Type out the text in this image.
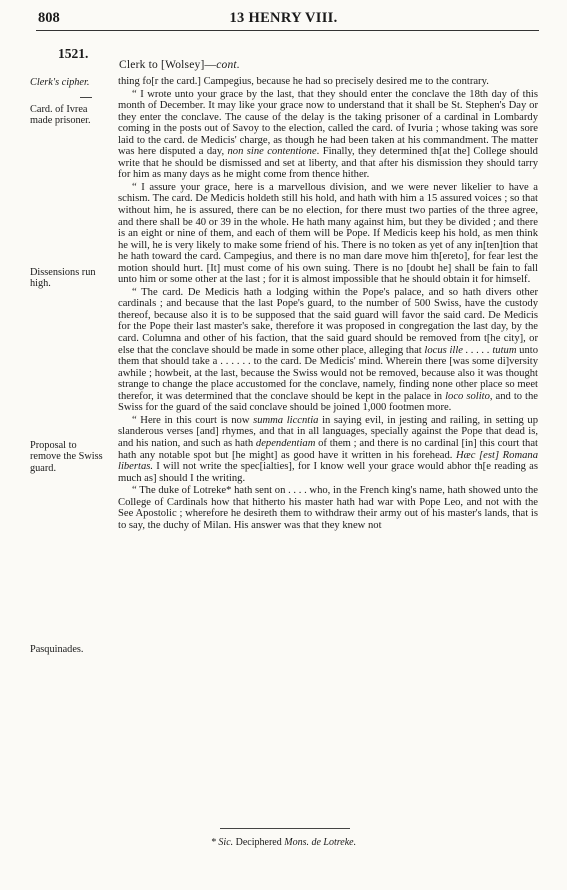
808	13 HENRY VIII.
1521.
Clerk to [Wolsey]—cont.
Clerk's cipher.
Card. of Ivrea made prisoner.
Dissensions run high.
Proposal to remove the Swiss guard.
Pasquinades.

thing fo[r the card.] Campegius, because he had so precisely desired me to the contrary.

“ I wrote unto your grace by the last, that they should enter the conclave the 18th day of this month of December. It may like your grace now to understand that it shall be St. Stephen's Day or they enter the conclave. The cause of the delay is the taking prisoner of a cardinal in Lombardy coming in the posts out of Savoy to the election, called the card. of Ivuria ; whose taking was sore laid to the card. de Medicis' charge, as though he had been taken at his commandment. The matter was here disputed a day, non sine contentione. Finally, they determined th[at the] College should write that he should be dismissed and set at liberty, and that after his dismission they should tarry for him as many days as he might come from thence hither.

“ I assure your grace, here is a marvellous division, and we were never likelier to have a schism. The card. De Medicis holdeth still his hold, and hath with him a 15 assured voices ; so that without him, he is assured, there can be no election, for there must two parties of the three agree, and there shall be 40 or 39 in the whole. He hath many against him, but they be divided ; and there is an eight or nine of them, and each of them will be Pope. If Medicis keep his hold, as men think he will, he is very likely to make some friend of his. There is no token as yet of any in[ten]tion that he hath toward the card. Campegius, and there is no man dare move him th[ereto], for fear lest the motion should hurt. [It] must come of his own suing. There is no [doubt he] shall be fain to fall unto him or some other at the last ; for it is almost impossible that he should obtain it for himself.

“ The card. De Medicis hath a lodging within the Pope's palace, and so hath divers other cardinals ; and because that the last Pope's guard, to the number of 500 Swiss, have the custody thereof, because also it is to be supposed that the said guard will favor the said card. De Medicis for the Pope their last master's sake, therefore it was proposed in congregation the last day, by the card. Columna and other of his faction, that the said guard should be removed from t[he city], or else that the conclave should be made in some other place, alleging that locus ille . . . . . tutum unto them that should take a . . . . . . to the card. De Medicis' mind. Wherein there [was some di]versity awhile ; howbeit, at the last, because the Swiss would not be removed, because also it was thought strange to change the place accustomed for the conclave, namely, finding none other place so meet therefor, it was determined that the conclave should be kept in the palace in loco solito, and to the Swiss for the guard of the said conclave should be joined 1,000 footmen more.

“ Here in this court is now summa liccntia in saying evil, in jesting and railing, in setting up slanderous verses [and] rhymes, and that in all languages, specially against the Pope that dead is, and his nation, and such as hath dependentiam of them ; and there is no cardinal [in] this court that hath any notable spot but [he might] as good have it written in his forehead. Hæc [est] Romana libertas. I will not write the spec[ialties], for I know well your grace would abhor th[e reading as much as] should I the writing.

“ The duke of Lotreke* hath sent on . . . . who, in the French king's name, hath showed unto the College of Cardinals how that hitherto his master hath had war with Pope Leo, and not with the See Apostolic ; wherefore he desireth them to withdraw their army out of his master's lands, that is to say, the duchy of Milan. His answer was that they knew not

* Sic. Deciphered Mons. de Lotreke.
